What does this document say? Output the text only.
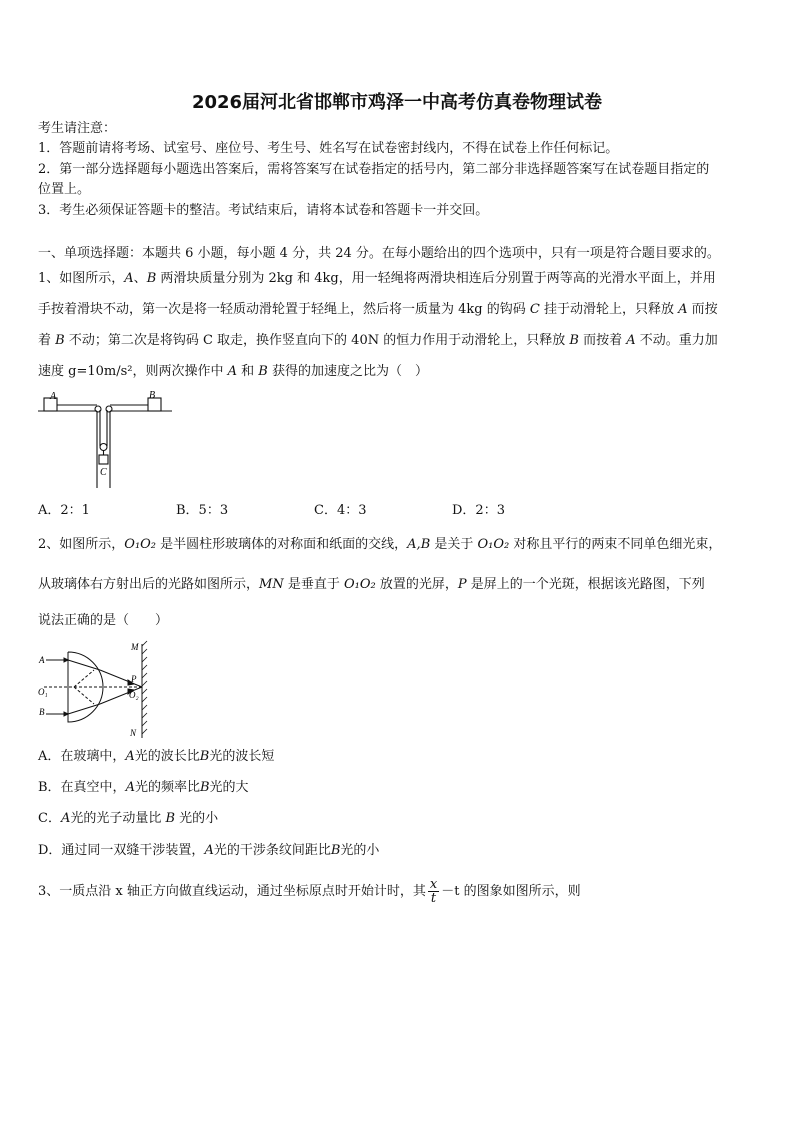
2026届河北省邯郸市鸡泽一中高考仿真卷物理试卷
考生请注意：
1．答题前请将考场、试室号、座位号、考生号、姓名写在试卷密封线内，不得在试卷上作任何标记。
2．第一部分选择题每小题选出答案后，需将答案写在试卷指定的括号内，第二部分非选择题答案写在试卷题目指定的
位置上。
3．考生必须保证答题卡的整洁。考试结束后，请将本试卷和答题卡一并交回。
一、单项选择题：本题共 6 小题，每小题 4 分，共 24 分。在每小题给出的四个选项中，只有一项是符合题目要求的。
1、如图所示，A、B 两滑块质量分别为 2kg 和 4kg，用一轻绳将两滑块相连后分别置于两等高的光滑水平面上，并用
手按着滑块不动，第一次是将一轻质动滑轮置于轻绳上，然后将一质量为 4kg 的钩码 C 挂于动滑轮上，只释放 A 而按
着 B 不动；第二次是将钩码 C 取走，换作竖直向下的 40N 的恒力作用于动滑轮上，只释放 B 而按着 A 不动。重力加
速度 g=10m/s²，则两次操作中 A 和 B 获得的加速度之比为（　）
A	B
C
A．2：1	B．5：3	C．4：3	D．2：3
2、如图所示，O₁O₂ 是半圆柱形玻璃体的对称面和纸面的交线，A,B 是关于 O₁O₂ 对称且平行的两束不同单色细光束，
从玻璃体右方射出后的光路如图所示，MN 是垂直于 O₁O₂ 放置的光屏，P 是屏上的一个光斑，根据该光路图，下列
说法正确的是（　　）
A
B
O₁	O₂
M
N
P
A．在玻璃中，A光的波长比B光的波长短
B．在真空中，A光的频率比B光的大
C．A光的光子动量比 B 光的小
D．通过同一双缝干涉装置，A光的干涉条纹间距比B光的小
3、一质点沿 x 轴正方向做直线运动，通过坐标原点时开始计时，其 $\frac{x}{t} -t$ 的图象如图所示，则
